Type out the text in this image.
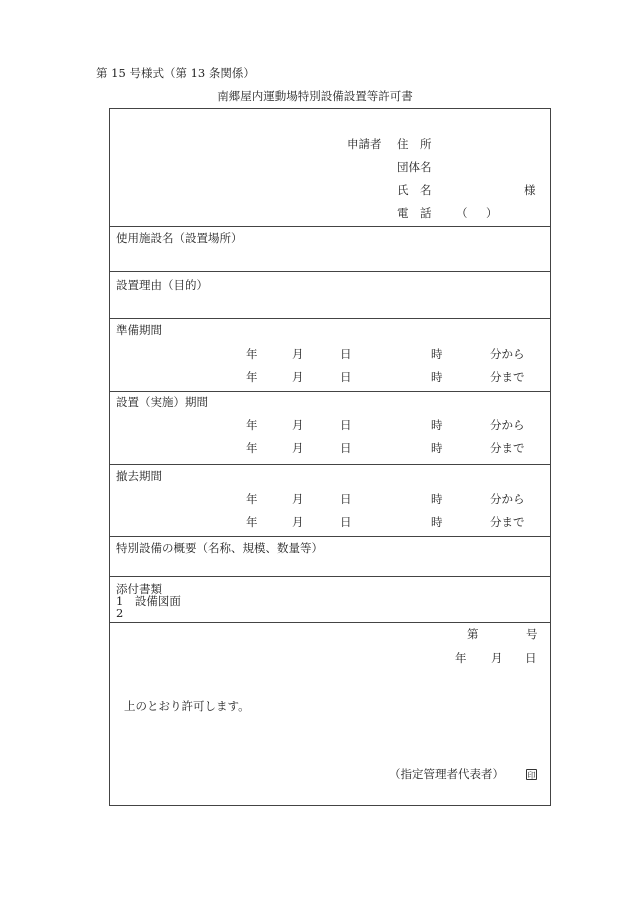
第 15 号様式（第 13 条関係）
南郷屋内運動場特別設備設置等許可書
申請者 住　所
団体名
氏　名	様
電　話 （ ）
使用施設名（設置場所）
設置理由（目的）
準備期間
年	月	日	時	分から
年	月	日	時	分まで
設置（実施）期間
年	月	日	時	分から
年	月	日	時	分まで
撤去期間
年	月	日	時	分から
年	月	日	時	分まで
特別設備の概要（名称、規模、数量等）
添付書類
1　設備図面
2
第	号
年 月 日
上のとおり許可します。
（指定管理者代表者）	印
